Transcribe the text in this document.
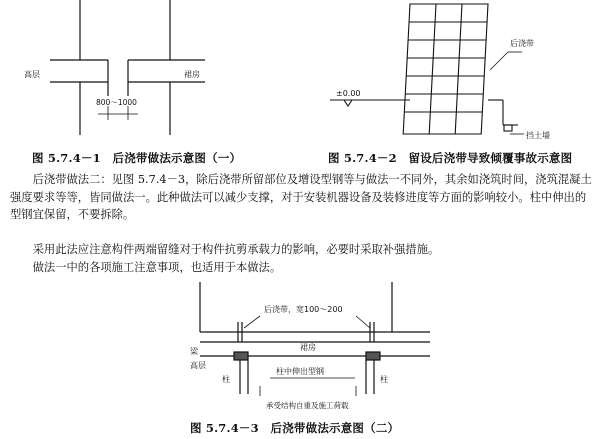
高层	裙房
800～1000
后浇带
±0.00
挡土墙
图 5.7.4－1　后浇带做法示意图（一）	图 5.7.4－2　留设后浇带导致倾覆事故示意图

后浇带做法二：见图 5.7.4－3，除后浇带所留部位及增设型钢等与做法一不同外，其余如浇筑时间，浇筑混凝土强度要求等等，皆同做法一。此种做法可以减少支撑，对于安装机器设备及装修进度等方面的影响较小。柱中伸出的型钢宜保留，不要拆除。

采用此法应注意构件两端留缝对于构件抗剪承载力的影响，必要时采取补强措施。

做法一中的各项施工注意事项，也适用于本做法。

后浇带，宽100～200
裙房
梁
高层
柱	柱
柱中伸出型钢
承受结构自重及施工荷载
图 5.7.4－3　后浇带做法示意图（二）
